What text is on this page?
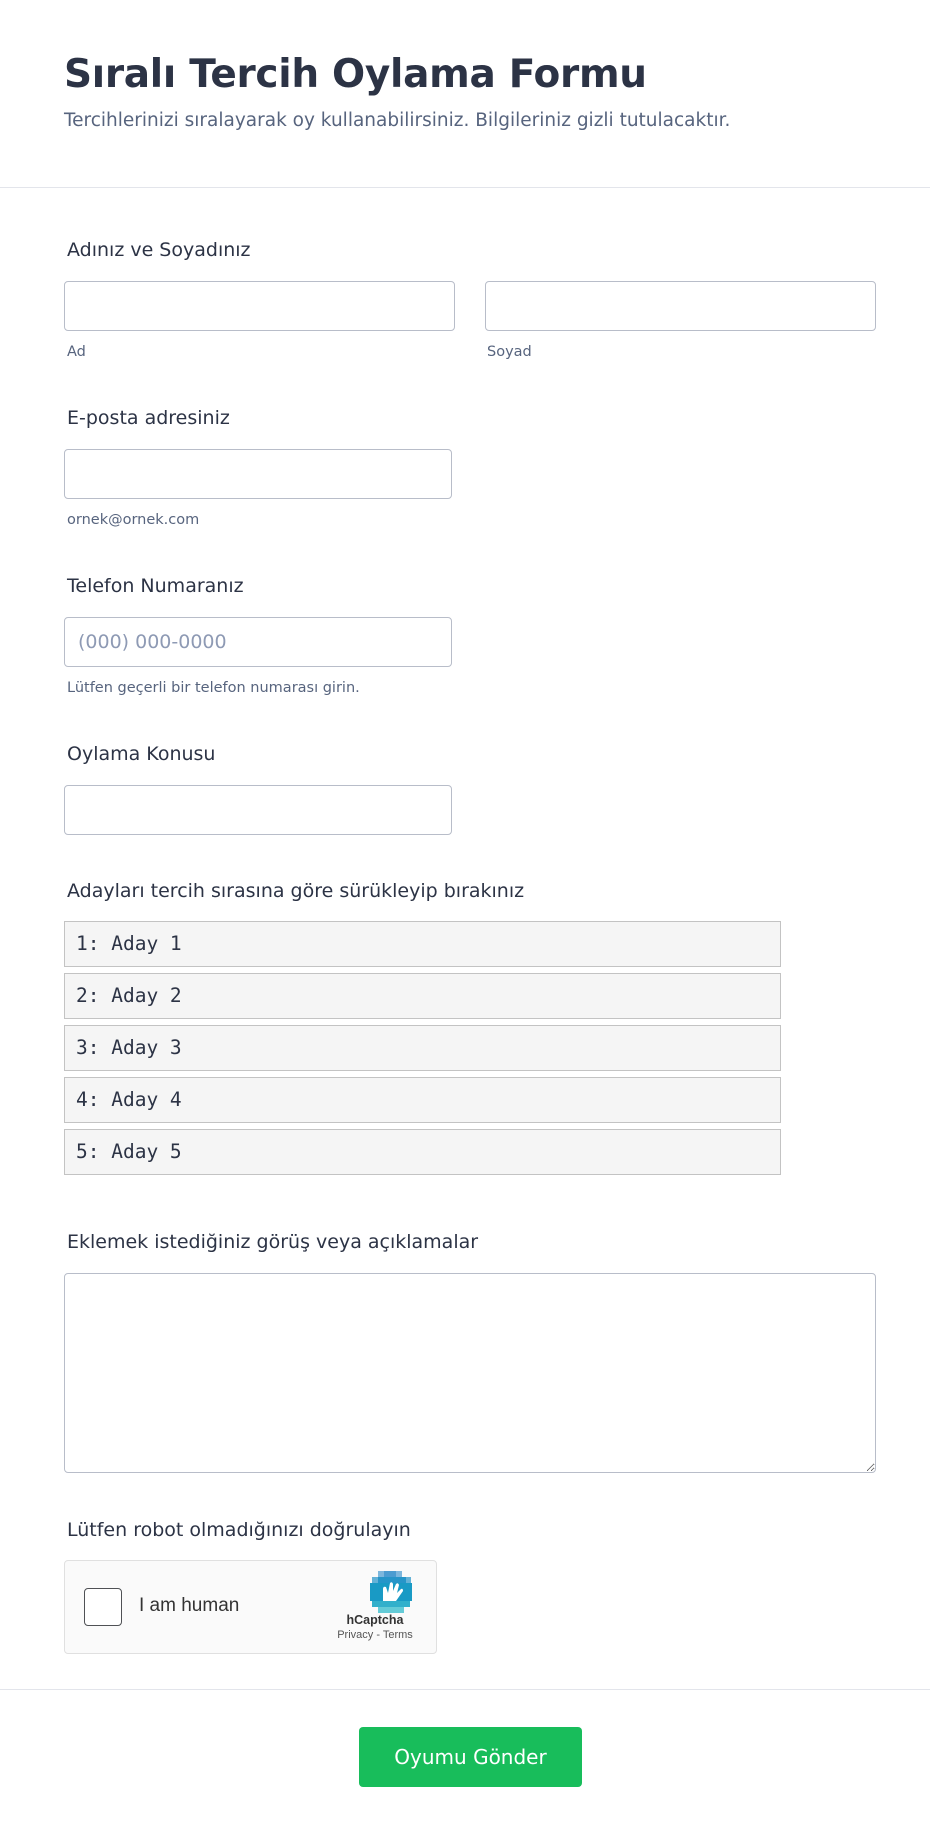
Sıralı Tercih Oylama Formu
Tercihlerinizi sıralayarak oy kullanabilirsiniz. Bilgileriniz gizli tutulacaktır.
Adınız ve Soyadınız
Ad	Soyad
E-posta adresiniz
ornek@ornek.com
Telefon Numaranız
(000) 000-0000
Lütfen geçerli bir telefon numarası girin.
Oylama Konusu
Adayları tercih sırasına göre sürükleyip bırakınız
1: Aday 1
2: Aday 2
3: Aday 3
4: Aday 4
5: Aday 5
Eklemek istediğiniz görüş veya açıklamalar
Lütfen robot olmadığınızı doğrulayın
I am human
hCaptcha
Privacy - Terms
Oyumu Gönder
